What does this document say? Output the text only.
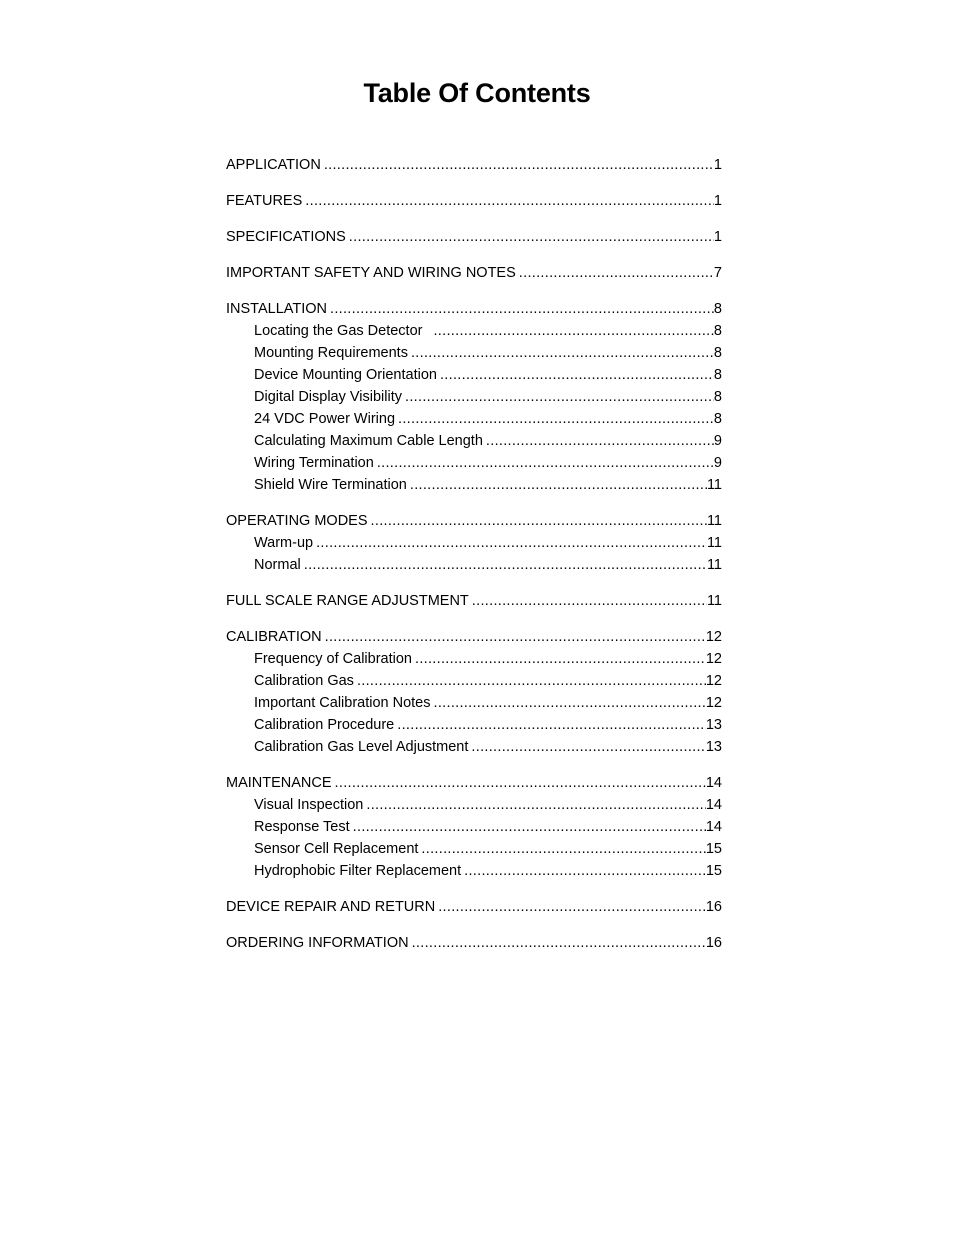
Table Of Contents
APPLICATION .....	1
FEATURES .....	1
SPECIFICATIONS .....	1
IMPORTANT SAFETY AND WIRING NOTES .....	7
INSTALLATION .....	8
Locating the Gas Detector .....	8
Mounting Requirements .....	8
Device Mounting Orientation .....	8
Digital Display Visibility .....	8
24 VDC Power Wiring .....	8
Calculating Maximum Cable Length .....	9
Wiring Termination .....	9
Shield Wire Termination .....	11
OPERATING MODES .....	11
Warm-up .....	11
Normal .....	11
FULL SCALE RANGE ADJUSTMENT .....	11
CALIBRATION .....	12
Frequency of Calibration .....	12
Calibration Gas .....	12
Important Calibration Notes .....	12
Calibration Procedure .....	13
Calibration Gas Level Adjustment .....	13
MAINTENANCE .....	14
Visual Inspection .....	14
Response Test .....	14
Sensor Cell Replacement .....	15
Hydrophobic Filter Replacement .....	15
DEVICE REPAIR AND RETURN .....	16
ORDERING INFORMATION .....	16
